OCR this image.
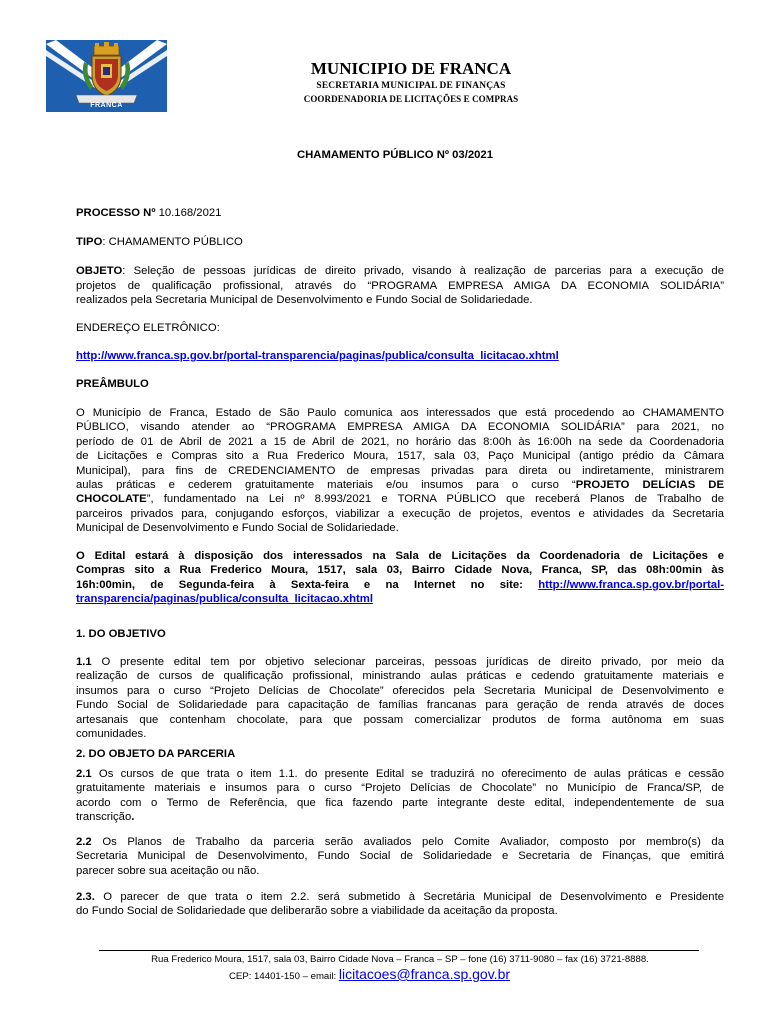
FRANCA
MUNICIPIO DE FRANCA
SECRETARIA MUNICIPAL DE FINANÇAS
COORDENADORIA DE LICITAÇÕES E COMPRAS
CHAMAMENTO PÚBLICO Nº 03/2021
PROCESSO Nº 10.168/2021
TIPO: CHAMAMENTO PÚBLICO
OBJETO: Seleção de pessoas jurídicas de direito privado, visando à realização de parcerias para a execução de
projetos de qualificação profissional, através do “PROGRAMA EMPRESA AMIGA DA ECONOMIA SOLIDÁRIA”
realizados pela Secretaria Municipal de Desenvolvimento e Fundo Social de Solidariedade.
ENDEREÇO ELETRÔNICO:
http://www.franca.sp.gov.br/portal-transparencia/paginas/publica/consulta_licitacao.xhtml
PREÂMBULO
O Município de Franca, Estado de São Paulo comunica aos interessados que está procedendo ao CHAMAMENTO
PÚBLICO, visando atender ao “PROGRAMA EMPRESA AMIGA DA ECONOMIA SOLIDÁRIA” para 2021, no
período de 01 de Abril de 2021 a 15 de Abril de 2021, no horário das 8:00h às 16:00h na sede da Coordenadoria
de Licitações e Compras sito a Rua Frederico Moura, 1517, sala 03, Paço Municipal (antigo prédio da Câmara
Municipal), para fins de CREDENCIAMENTO de empresas privadas para direta ou indiretamente, ministrarem
aulas práticas e cederem gratuitamente materiais e/ou insumos para o curso “PROJETO DELÍCIAS DE
CHOCOLATE”, fundamentado na Lei nº 8.993/2021 e TORNA PÚBLICO que receberá Planos de Trabalho de
parceiros privados para, conjugando esforços, viabilizar a execução de projetos, eventos e atividades da Secretaria
Municipal de Desenvolvimento e Fundo Social de Solidariedade.
O Edital estará à disposição dos interessados na Sala de Licitações da Coordenadoria de Licitações e
Compras sito a Rua Frederico Moura, 1517, sala 03, Bairro Cidade Nova, Franca, SP, das 08h:00min às
16h:00min, de Segunda-feira à Sexta-feira e na Internet no site: http://www.franca.sp.gov.br/portal-
transparencia/paginas/publica/consulta_licitacao.xhtml
1. DO OBJETIVO
1.1 O presente edital tem por objetivo selecionar parceiras, pessoas jurídicas de direito privado, por meio da
realização de cursos de qualificação profissional, ministrando aulas práticas e cedendo gratuitamente materiais e
insumos para o curso “Projeto Delícias de Chocolate” oferecidos pela Secretaria Municipal de Desenvolvimento e
Fundo Social de Solidariedade para capacitação de famílias francanas para geração de renda através de doces
artesanais que contenham chocolate, para que possam comercializar produtos de forma autônoma em suas
comunidades.
2. DO OBJETO DA PARCERIA
2.1 Os cursos de que trata o item 1.1. do presente Edital se traduzirá no oferecimento de aulas práticas e cessão
gratuitamente materiais e insumos para o curso “Projeto Delícias de Chocolate” no Município de Franca/SP, de
acordo com o Termo de Referência, que fica fazendo parte integrante deste edital, independentemente de sua
transcrição.
2.2 Os Planos de Trabalho da parceria serão avaliados pelo Comite Avaliador, composto por membro(s) da
Secretaria Municipal de Desenvolvimento, Fundo Social de Solidariedade e Secretaria de Finanças, que emitirá
parecer sobre sua aceitação ou não.
2.3. O parecer de que trata o item 2.2. será submetido à Secretária Municipal de Desenvolvimento e Presidente
do Fundo Social de Solidariedade que deliberarão sobre a viabilidade da aceitação da proposta.
Rua Frederico Moura, 1517, sala 03, Bairro Cidade Nova – Franca – SP – fone (16) 3711-9080 – fax (16) 3721-8888.
CEP: 14401-150 – email: licitacoes@franca.sp.gov.br
